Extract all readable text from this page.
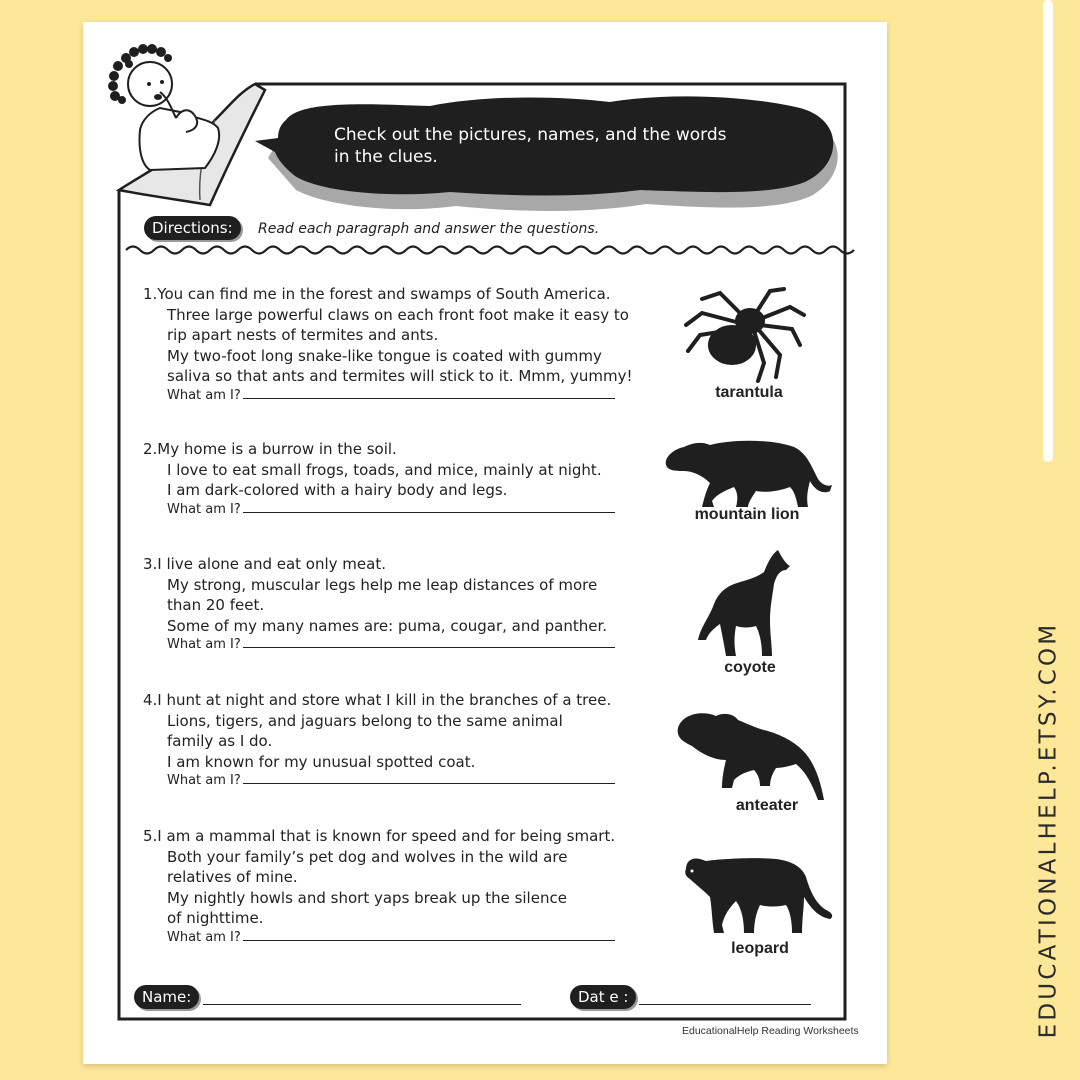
EDUCATIONALHELP.ETSY.COM
Check out the pictures, names, and the words
in the clues.
Directions:	Read each paragraph and answer the questions.
1.You can find me in the forest and swamps of South America.
Three large powerful claws on each front foot make it easy to
rip apart nests of termites and ants.
My two-foot long snake-like tongue is coated with gummy
saliva so that ants and termites will stick to it. Mmm, yummy!
What am I?
2.My home is a burrow in the soil.
I love to eat small frogs, toads, and mice, mainly at night.
I am dark-colored with a hairy body and legs.
What am I?
3.I live alone and eat only meat.
My strong, muscular legs help me leap distances of more
than 20 feet.
Some of my many names are: puma, cougar, and panther.
What am I?
4.I hunt at night and store what I kill in the branches of a tree.
Lions, tigers, and jaguars belong to the same animal
family as I do.
I am known for my unusual spotted coat.
What am I?
5.I am a mammal that is known for speed and for being smart.
Both your family’s pet dog and wolves in the wild are
relatives of mine.
My nightly howls and short yaps break up the silence
of nighttime.
What am I?
tarantula
mountain lion
coyote
anteater
leopard
Name:	Dat e :
EducationalHelp Reading Worksheets
